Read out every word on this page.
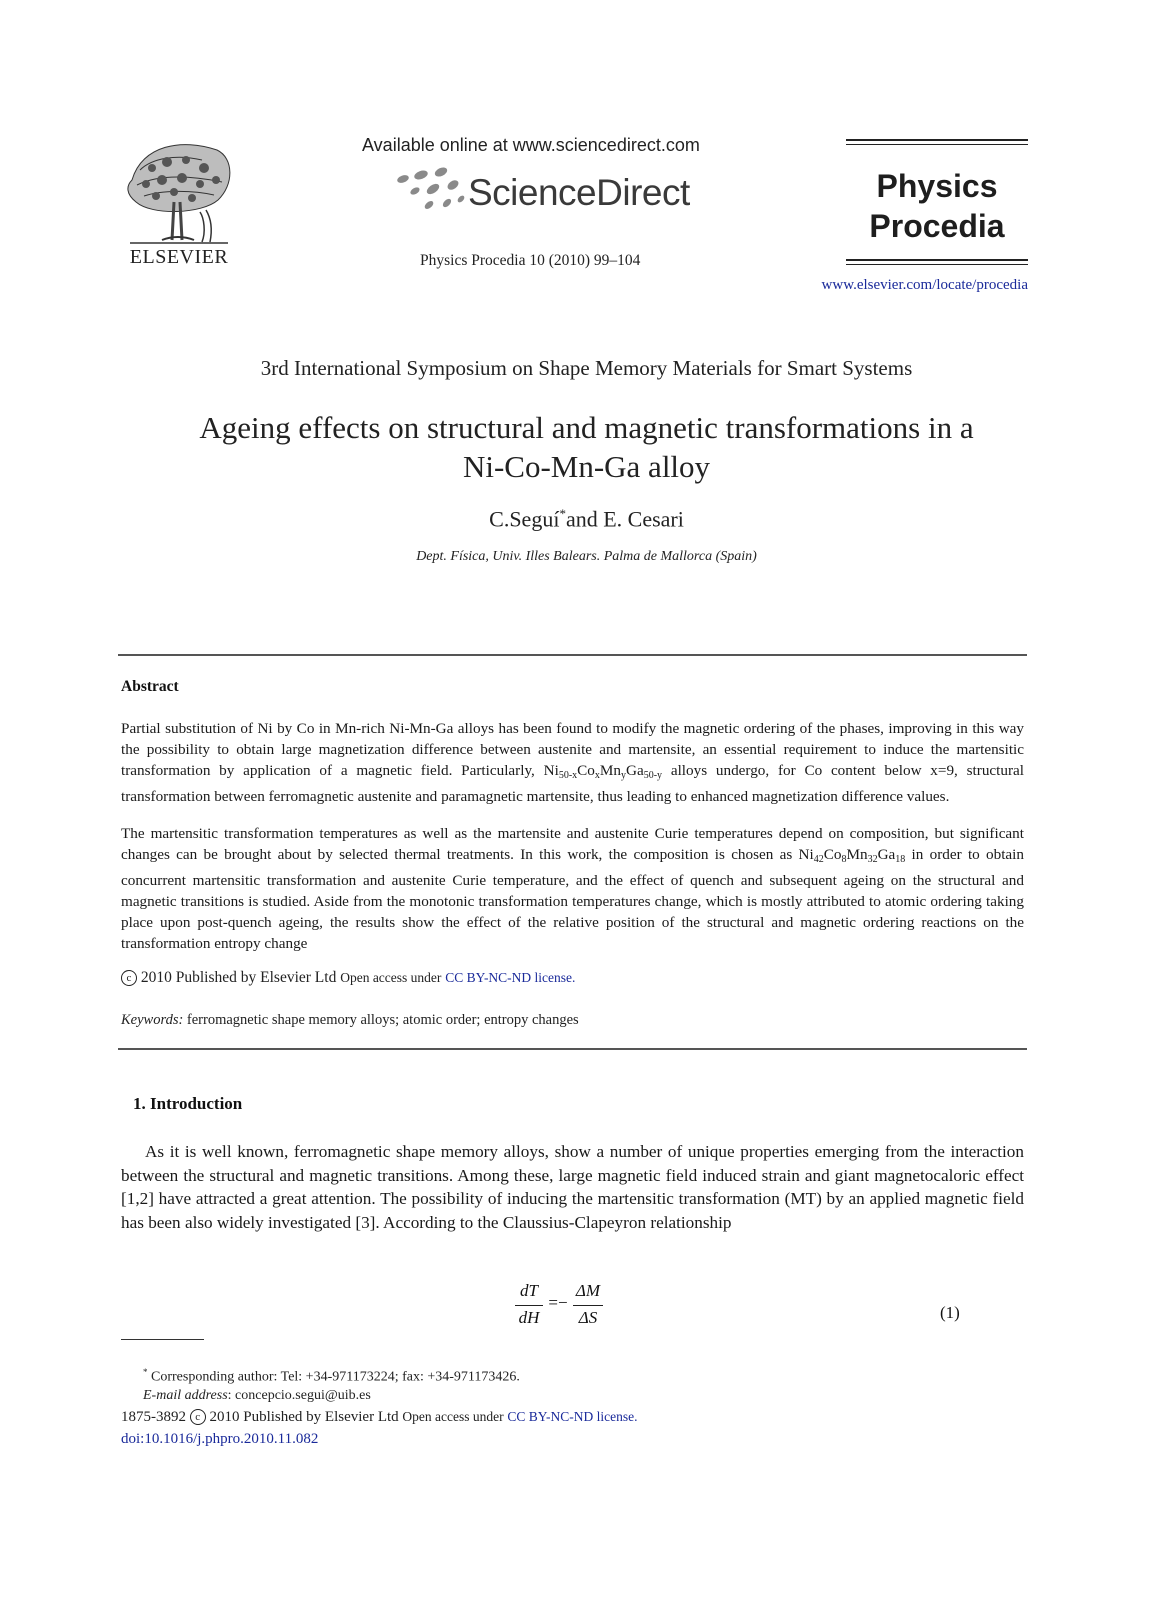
ELSEVIER
Available online at www.sciencedirect.com
ScienceDirect
Physics Procedia 10 (2010) 99–104
Physics
Procedia
www.elsevier.com/locate/procedia
3rd International Symposium on Shape Memory Materials for Smart Systems
Ageing effects on structural and magnetic transformations in a
Ni-Co-Mn-Ga alloy
C.Seguí*and E. Cesari
Dept. Física, Univ. Illes Balears. Palma de Mallorca (Spain)
Abstract
Partial substitution of Ni by Co in Mn-rich Ni-Mn-Ga alloys has been found to modify the magnetic ordering of the phases, improving in this way the possibility to obtain large magnetization difference between austenite and martensite, an essential requirement to induce the martensitic transformation by application of a magnetic field. Particularly, $Ni_{50-x}Co_xMn_yGa_{50-y}$ alloys undergo, for Co content below x=9, structural transformation between ferromagnetic austenite and paramagnetic martensite, thus leading to enhanced magnetization difference values.
The martensitic transformation temperatures as well as the martensite and austenite Curie temperatures depend on composition, but significant changes can be brought about by selected thermal treatments. In this work, the composition is chosen as $Ni_{42}Co_8Mn_{32}Ga_{18}$ in order to obtain concurrent martensitic transformation and austenite Curie temperature, and the effect of quench and subsequent ageing on the structural and magnetic transitions is studied. Aside from the monotonic transformation temperatures change, which is mostly attributed to atomic ordering taking place upon post-quench ageing, the results show the effect of the relative position of the structural and magnetic ordering reactions on the transformation entropy change
c 2010 Published by Elsevier Ltd Open access under CC BY-NC-ND license.
Keywords: ferromagnetic shape memory alloys; atomic order; entropy changes
1. Introduction
As it is well known, ferromagnetic shape memory alloys, show a number of unique properties emerging from the interaction between the structural and magnetic transitions. Among these, large magnetic field induced strain and giant magnetocaloric effect [1,2] have attracted a great attention. The possibility of inducing the martensitic transformation (MT) by an applied magnetic field has been also widely investigated [3]. According to the Claussius-Clapeyron relationship
dT
dH
=−
ΔM
ΔS	(1)
* Corresponding author: Tel: +34-971173224; fax: +34-971173426.
E-mail address: concepcio.segui@uib.es
1875-3892 c 2010 Published by Elsevier Ltd Open access under CC BY-NC-ND license.
doi:10.1016/j.phpro.2010.11.082
